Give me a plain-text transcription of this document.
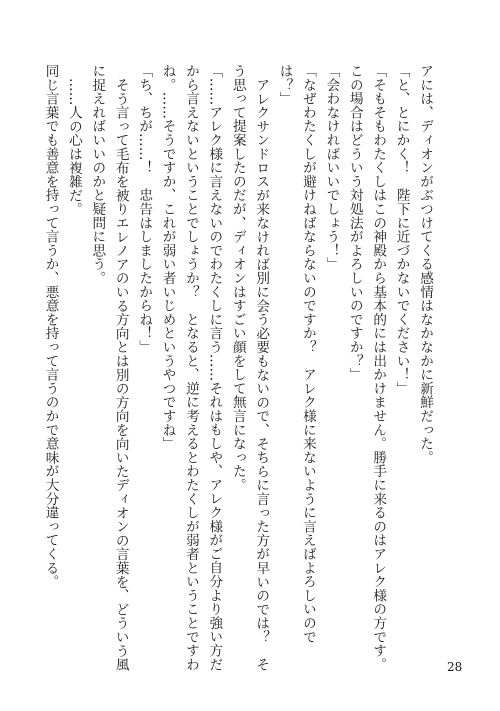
アには、ディオンがぶつけてくる感情はなかなかに新鮮だった。
「と、とにかく！　陛下に近づかないでください！」
「そもそもわたくしはこの神殿から基本的には出かけません。勝手に来るのはアレク様の方です。
この場合はどういう対処法がよろしいのですか？」
「会わなければいいでしょう！」
「なぜわたくしが避けねばならないのですか？　アレク様に来ないように言えばよろしいので
は？」
アレクサンドロスが来なければ別に会う必要もないので、そちらに言った方が早いのでは？　そ
う思って提案したのだが、ディオンはすごい顔をして無言になった。
「……アレク様に言えないのでわたくしに言う……それはもしや、アレク様がご自分より強い方だ
から言えないということでしょうか？　となると、逆に考えるとわたくしが弱者ということですわ
ね。……そうですか、これが弱い者いじめというやつですね」
「ち、ちが……！　忠告はしましたからね！」
そう言って毛布を被りエレノアのいる方向とは別の方向を向いたディオンの言葉を、どういう風
に捉えればいいのかと疑問に思う。
……人の心は複雑だ。
同じ言葉でも善意を持って言うか、悪意を持って言うのかで意味が大分違ってくる。
28
